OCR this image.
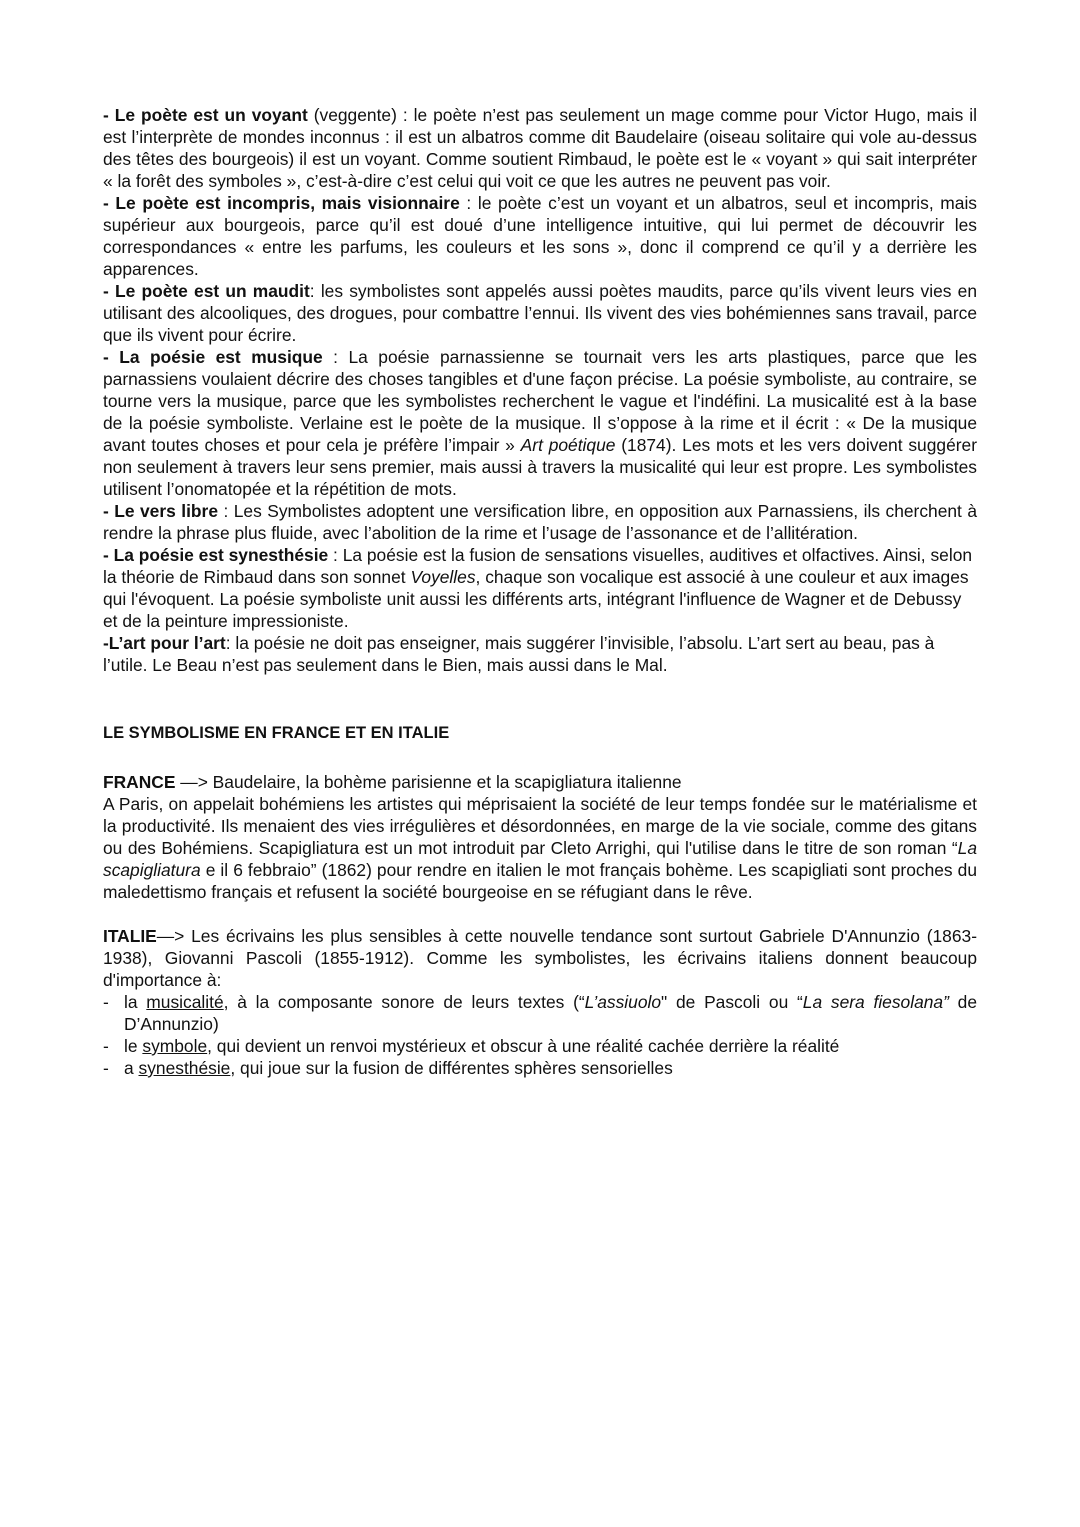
- Le poète est un voyant (veggente) : le poète n’est pas seulement un mage comme pour Victor Hugo, mais il est l’interprète de mondes inconnus : il est un albatros comme dit Baudelaire (oiseau solitaire qui vole au-dessus des têtes des bourgeois) il est un voyant. Comme soutient Rimbaud, le poète est le « voyant » qui sait interpréter « la forêt des symboles », c’est-à-dire c’est celui qui voit ce que les autres ne peuvent pas voir.

- Le poète est incompris, mais visionnaire : le poète c’est un voyant et un albatros, seul et incompris, mais supérieur aux bourgeois, parce qu’il est doué d’une intelligence intuitive, qui lui permet de découvrir les correspondances « entre les parfums, les couleurs et les sons », donc il comprend ce qu’il y a derrière les apparences.

- Le poète est un maudit: les symbolistes sont appelés aussi poètes maudits, parce qu’ils vivent leurs vies en utilisant des alcooliques, des drogues, pour combattre l’ennui. Ils vivent des vies bohémiennes sans travail, parce que ils vivent pour écrire.

- La poésie est musique : La poésie parnassienne se tournait vers les arts plastiques, parce que les parnassiens voulaient décrire des choses tangibles et d'une façon précise. La poésie symboliste, au contraire, se tourne vers la musique, parce que les symbolistes recherchent le vague et l'indéfini. La musicalité est à la base de la poésie symboliste. Verlaine est le poète de la musique. Il s’oppose à la rime et il écrit : « De la musique avant toutes choses et pour cela je préfère l’impair » Art poétique (1874). Les mots et les vers doivent suggérer non seulement à travers leur sens premier, mais aussi à travers la musicalité qui leur est propre. Les symbolistes utilisent l’onomatopée et la répétition de mots.

- Le vers libre : Les Symbolistes adoptent une versification libre, en opposition aux Parnassiens, ils cherchent à rendre la phrase plus fluide, avec l’abolition de la rime et l’usage de l’assonance et de l’allitération.

- La poésie est synesthésie : La poésie est la fusion de sensations visuelles, auditives et olfactives. Ainsi, selon la théorie de Rimbaud dans son sonnet Voyelles, chaque son vocalique est associé à une couleur et aux images qui l'évoquent. La poésie symboliste unit aussi les différents arts, intégrant l'influence de Wagner et de Debussy et de la peinture impressioniste.

-L’art pour l’art: la poésie ne doit pas enseigner, mais suggérer l’invisible, l’absolu. L’art sert au beau, pas à l’utile. Le Beau n’est pas seulement dans le Bien, mais aussi dans le Mal.

LE SYMBOLISME EN FRANCE ET EN ITALIE

FRANCE —> Baudelaire, la bohème parisienne et la scapigliatura italienne

A Paris, on appelait bohémiens les artistes qui méprisaient la société de leur temps fondée sur le matérialisme et la productivité. Ils menaient des vies irrégulières et désordonnées, en marge de la vie sociale, comme des gitans ou des Bohémiens. Scapigliatura est un mot introduit par Cleto Arrighi, qui l'utilise dans le titre de son roman “La scapigliatura e il 6 febbraio” (1862) pour rendre en italien le mot français bohème. Les scapigliati sont proches du maledettismo français et refusent la société bourgeoise en se réfugiant dans le rêve.

ITALIE—> Les écrivains les plus sensibles à cette nouvelle tendance sont surtout Gabriele D'Annunzio (1863-1938), Giovanni Pascoli (1855-1912). Comme les symbolistes, les écrivains italiens donnent beaucoup d'importance à:

- la musicalité, à la composante sonore de leurs textes (“L’assiuolo" de Pascoli ou “La sera fiesolana” de D’Annunzio)
- le symbole, qui devient un renvoi mystérieux et obscur à une réalité cachée derrière la réalité
- a synesthésie, qui joue sur la fusion de différentes sphères sensorielles
